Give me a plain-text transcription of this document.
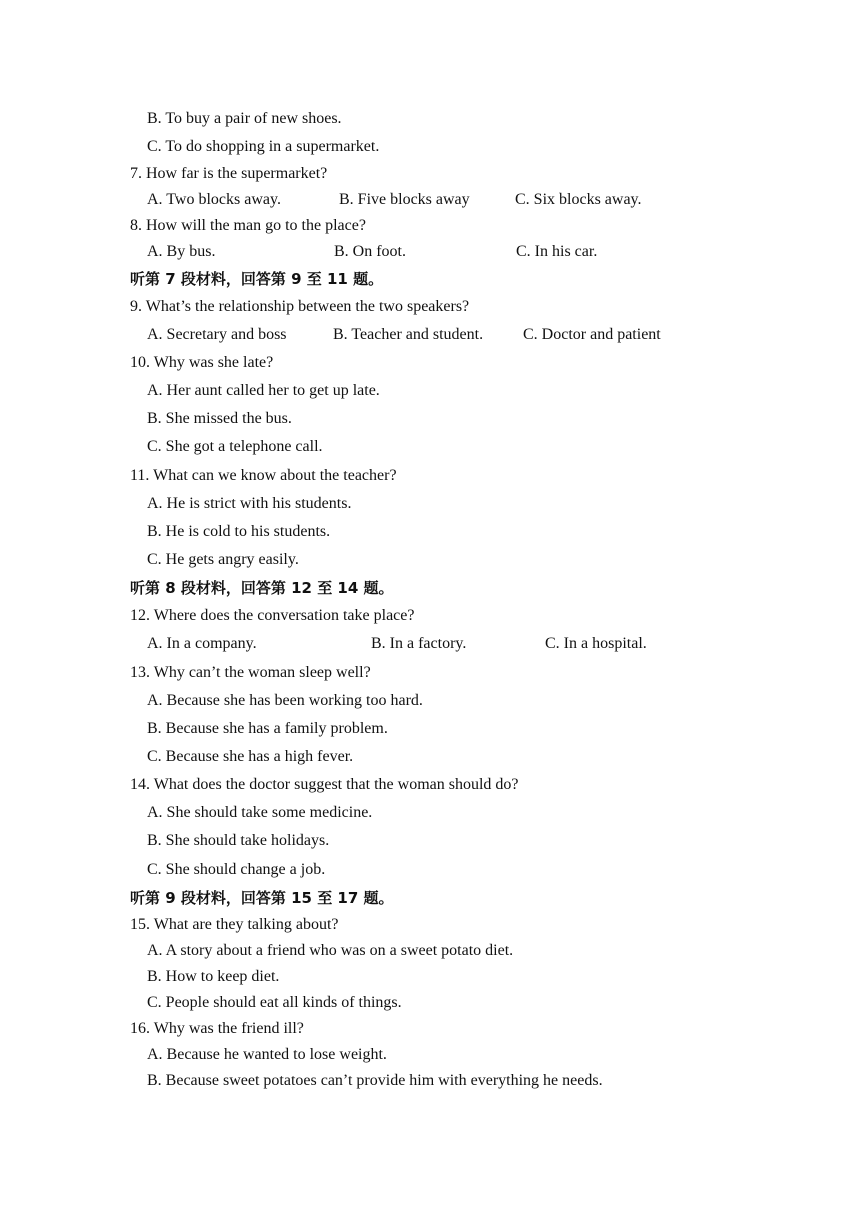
B. To buy a pair of new shoes.
C. To do shopping in a supermarket.
7. How far is the supermarket?
A. Two blocks away.	B. Five blocks away	C. Six blocks away.
8. How will the man go to the place?
A. By bus.	B. On foot.	C. In his car.
听第 7 段材料，回答第 9 至 11 题。
9. What’s the relationship between the two speakers?
A. Secretary and boss	B. Teacher and student. C. Doctor and patient
10. Why was she late?
A. Her aunt called her to get up late.
B. She missed the bus.
C. She got a telephone call.
11. What can we know about the teacher?
A. He is strict with his students.
B. He is cold to his students.
C. He gets angry easily.
听第 8 段材料，回答第 12 至 14 题。
12. Where does the conversation take place?
A. In a company.	B. In a factory.	C. In a hospital.
13. Why can’t the woman sleep well?
A. Because she has been working too hard.
B. Because she has a family problem.
C. Because she has a high fever.
14. What does the doctor suggest that the woman should do?
A. She should take some medicine.
B. She should take holidays.
C. She should change a job.
听第 9 段材料，回答第 15 至 17 题。
15. What are they talking about?
A. A story about a friend who was on a sweet potato diet.
B. How to keep diet.
C. People should eat all kinds of things.
16. Why was the friend ill?
A. Because he wanted to lose weight.
B. Because sweet potatoes can’t provide him with everything he needs.
